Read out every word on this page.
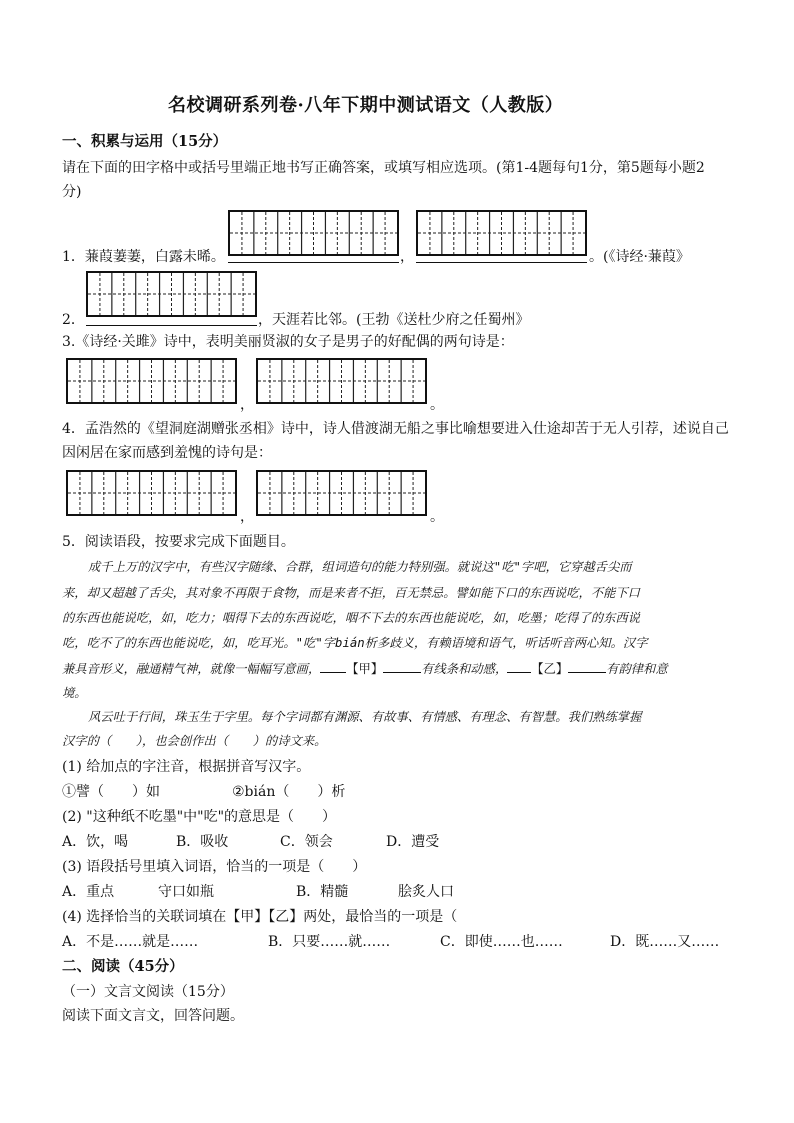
名校调研系列卷·八年下期中测试语文（人教版）
一、积累与运用（15分）
请在下面的田字格中或括号里端正地书写正确答案，或填写相应选项。(第1-4题每句1分，第5题每小题2
分)
1．蒹葭萋萋，白露未晞。	，	。(《诗经·蒹葭》
2．	，天涯若比邻。(王勃《送杜少府之任蜀州》
3.《诗经·关雎》诗中，表明美丽贤淑的女子是男子的好配偶的两句诗是：
，	。
4．孟浩然的《望洞庭湖赠张丞相》诗中，诗人借渡湖无船之事比喻想要进入仕途却苦于无人引荐，述说自己
因闲居在家而感到羞愧的诗句是：
，	。
5．阅读语段，按要求完成下面题目。
成千上万的汉字中，有些汉字随缘、合群，组词造句的能力特别强。就说这"吃"字吧，它穿越舌尖而
来，却又超越了舌尖，其对象不再限于食物，而是来者不拒，百无禁忌。譬如能下口的东西说吃，不能下口
的东西也能说吃，如，吃力；咽得下去的东西说吃，咽不下去的东西也能说吃，如，吃墨；吃得了的东西说
吃，吃不了的东西也能说吃，如，吃耳光。"吃"字bián析多歧义，有赖语境和语气，听话听音两心知。汉字
兼具音形义，融通精气神，就像一幅幅写意画， 【甲】	有线条和动感， 【乙】	有韵律和意
境。
风云吐于行间，珠玉生于字里。每个字词都有渊源、有故事、有情感、有理念、有智慧。我们熟练掌握
汉字的（　　），也会创作出（　　）的诗文来。
(1) 给加点的字注音，根据拼音写汉字。
①譬（　　）如	②bián（　　）析
(2) "这种纸不吃墨"中"吃"的意思是（　　）
A．饮，喝	B．吸收	C．领会	D．遭受
(3) 语段括号里填入词语，恰当的一项是（　　）
A．重点	守口如瓶	B．精髓	脍炙人口
(4) 选择恰当的关联词填在【甲】【乙】两处，最恰当的一项是（
A．不是……就是……	B．只要……就……	C．即使……也……	D．既……又……
二、阅读（45分）
（一）文言文阅读（15分）
阅读下面文言文，回答问题。
